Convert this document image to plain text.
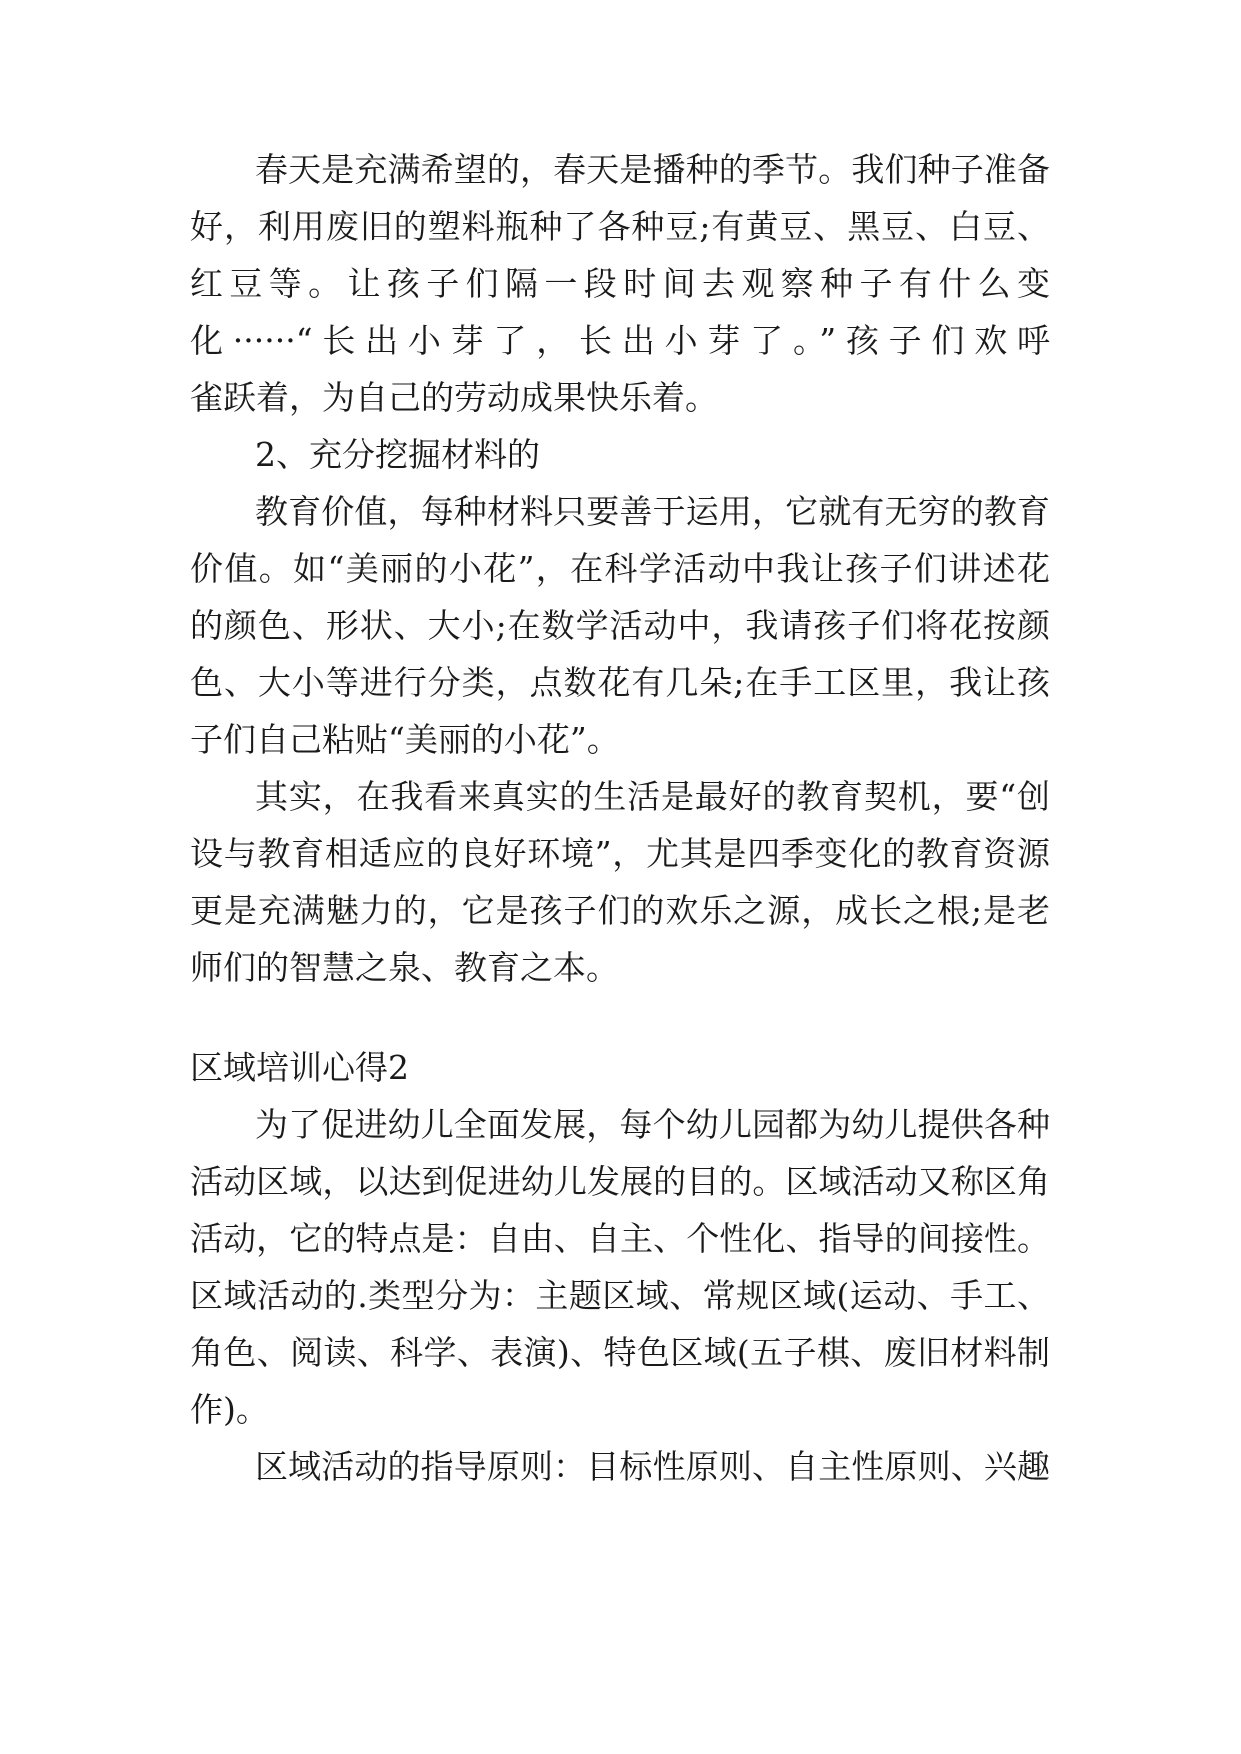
春天是充满希望的，春天是播种的季节。我们种子准备
好，利用废旧的塑料瓶种了各种豆;有黄豆、黑豆、白豆、
红豆等。让孩子们隔一段时间去观察种子有什么变
化······“长出小芽了，长出小芽了。”孩子们欢呼
雀跃着，为自己的劳动成果快乐着。
2、充分挖掘材料的
教育价值，每种材料只要善于运用，它就有无穷的教育
价值。如“美丽的小花”，在科学活动中我让孩子们讲述花
的颜色、形状、大小;在数学活动中，我请孩子们将花按颜
色、大小等进行分类，点数花有几朵;在手工区里，我让孩
子们自己粘贴“美丽的小花”。
其实，在我看来真实的生活是最好的教育契机，要“创
设与教育相适应的良好环境”，尤其是四季变化的教育资源
更是充满魅力的，它是孩子们的欢乐之源，成长之根;是老
师们的智慧之泉、教育之本。
区域培训心得2
为了促进幼儿全面发展，每个幼儿园都为幼儿提供各种
活动区域，以达到促进幼儿发展的目的。区域活动又称区角
活动，它的特点是：自由、自主、个性化、指导的间接性。
区域活动的.类型分为：主题区域、常规区域(运动、手工、
角色、阅读、科学、表演)、特色区域(五子棋、废旧材料制
作)。
区域活动的指导原则：目标性原则、自主性原则、兴趣
